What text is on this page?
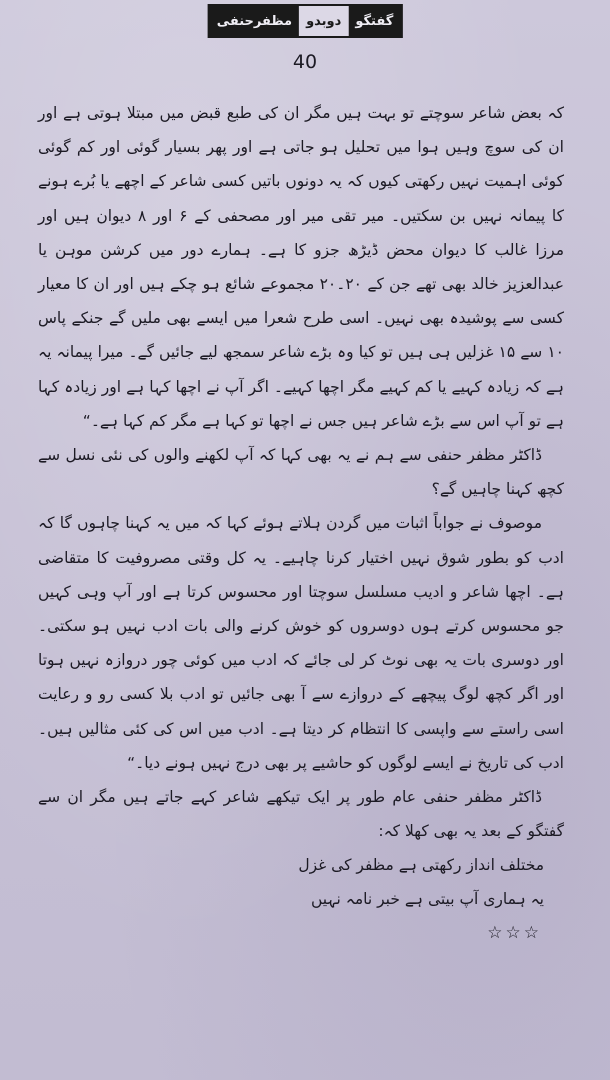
گفتگو
دوبدو
مظفرحنفی
40

کہ بعض شاعر سوچتے تو بہت ہیں مگر ان کی طبع قبض میں مبتلا ہوتی ہے اور ان کی سوچ وہیں ہوا میں تحلیل ہو جاتی ہے اور پھر بسیار گوئی اور کم گوئی کوئی اہمیت نہیں رکھتی کیوں کہ یہ دونوں باتیں کسی شاعر کے اچھے یا بُرے ہونے کا پیمانہ نہیں بن سکتیں۔ میر تقی میر اور مصحفی کے ۶ اور ۸ دیوان ہیں اور مرزا غالب کا دیوان محض ڈیڑھ جزو کا ہے۔ ہمارے دور میں کرشن موہن یا عبدالعزیز خالد بھی تھے جن کے ۲۰۔۲۰ مجموعے شائع ہو چکے ہیں اور ان کا معیار کسی سے پوشیدہ بھی نہیں۔ اسی طرح شعرا میں ایسے بھی ملیں گے جنکے پاس ۱۰ سے ۱۵ غزلیں ہی ہیں تو کیا وہ بڑے شاعر سمجھ لیے جائیں گے۔ میرا پیمانہ یہ ہے کہ زیادہ کہیے یا کم کہیے مگر اچھا کہیے۔ اگر آپ نے اچھا کہا ہے اور زیادہ کہا ہے تو آپ اس سے بڑے شاعر ہیں جس نے اچھا تو کہا ہے مگر کم کہا ہے۔“

ڈاکٹر مظفر حنفی سے ہم نے یہ بھی کہا کہ آپ لکھنے والوں کی نئی نسل سے کچھ کہنا چاہیں گے؟

موصوف نے جواباً اثبات میں گردن ہلاتے ہوئے کہا کہ میں یہ کہنا چاہوں گا کہ ادب کو بطور شوق نہیں اختیار کرنا چاہیے۔ یہ کل وقتی مصروفیت کا متقاضی ہے۔ اچھا شاعر و ادیب مسلسل سوچتا اور محسوس کرتا ہے اور آپ وہی کہیں جو محسوس کرتے ہوں دوسروں کو خوش کرنے والی بات ادب نہیں ہو سکتی۔ اور دوسری بات یہ بھی نوٹ کر لی جائے کہ ادب میں کوئی چور دروازہ نہیں ہوتا اور اگر کچھ لوگ پیچھے کے دروازے سے آ بھی جائیں تو ادب بلا کسی رو و رعایت اسی راستے سے واپسی کا انتظام کر دیتا ہے۔ ادب میں اس کی کئی مثالیں ہیں۔ ادب کی تاریخ نے ایسے لوگوں کو حاشیے پر بھی درج نہیں ہونے دیا۔“

ڈاکٹر مظفر حنفی عام طور پر ایک تیکھے شاعر کہے جاتے ہیں مگر ان سے گفتگو کے بعد یہ بھی کھلا کہ:

مختلف انداز رکھتی ہے مظفر کی غزل

یہ ہماری آپ بیتی ہے خبر نامہ نہیں

☆☆☆
